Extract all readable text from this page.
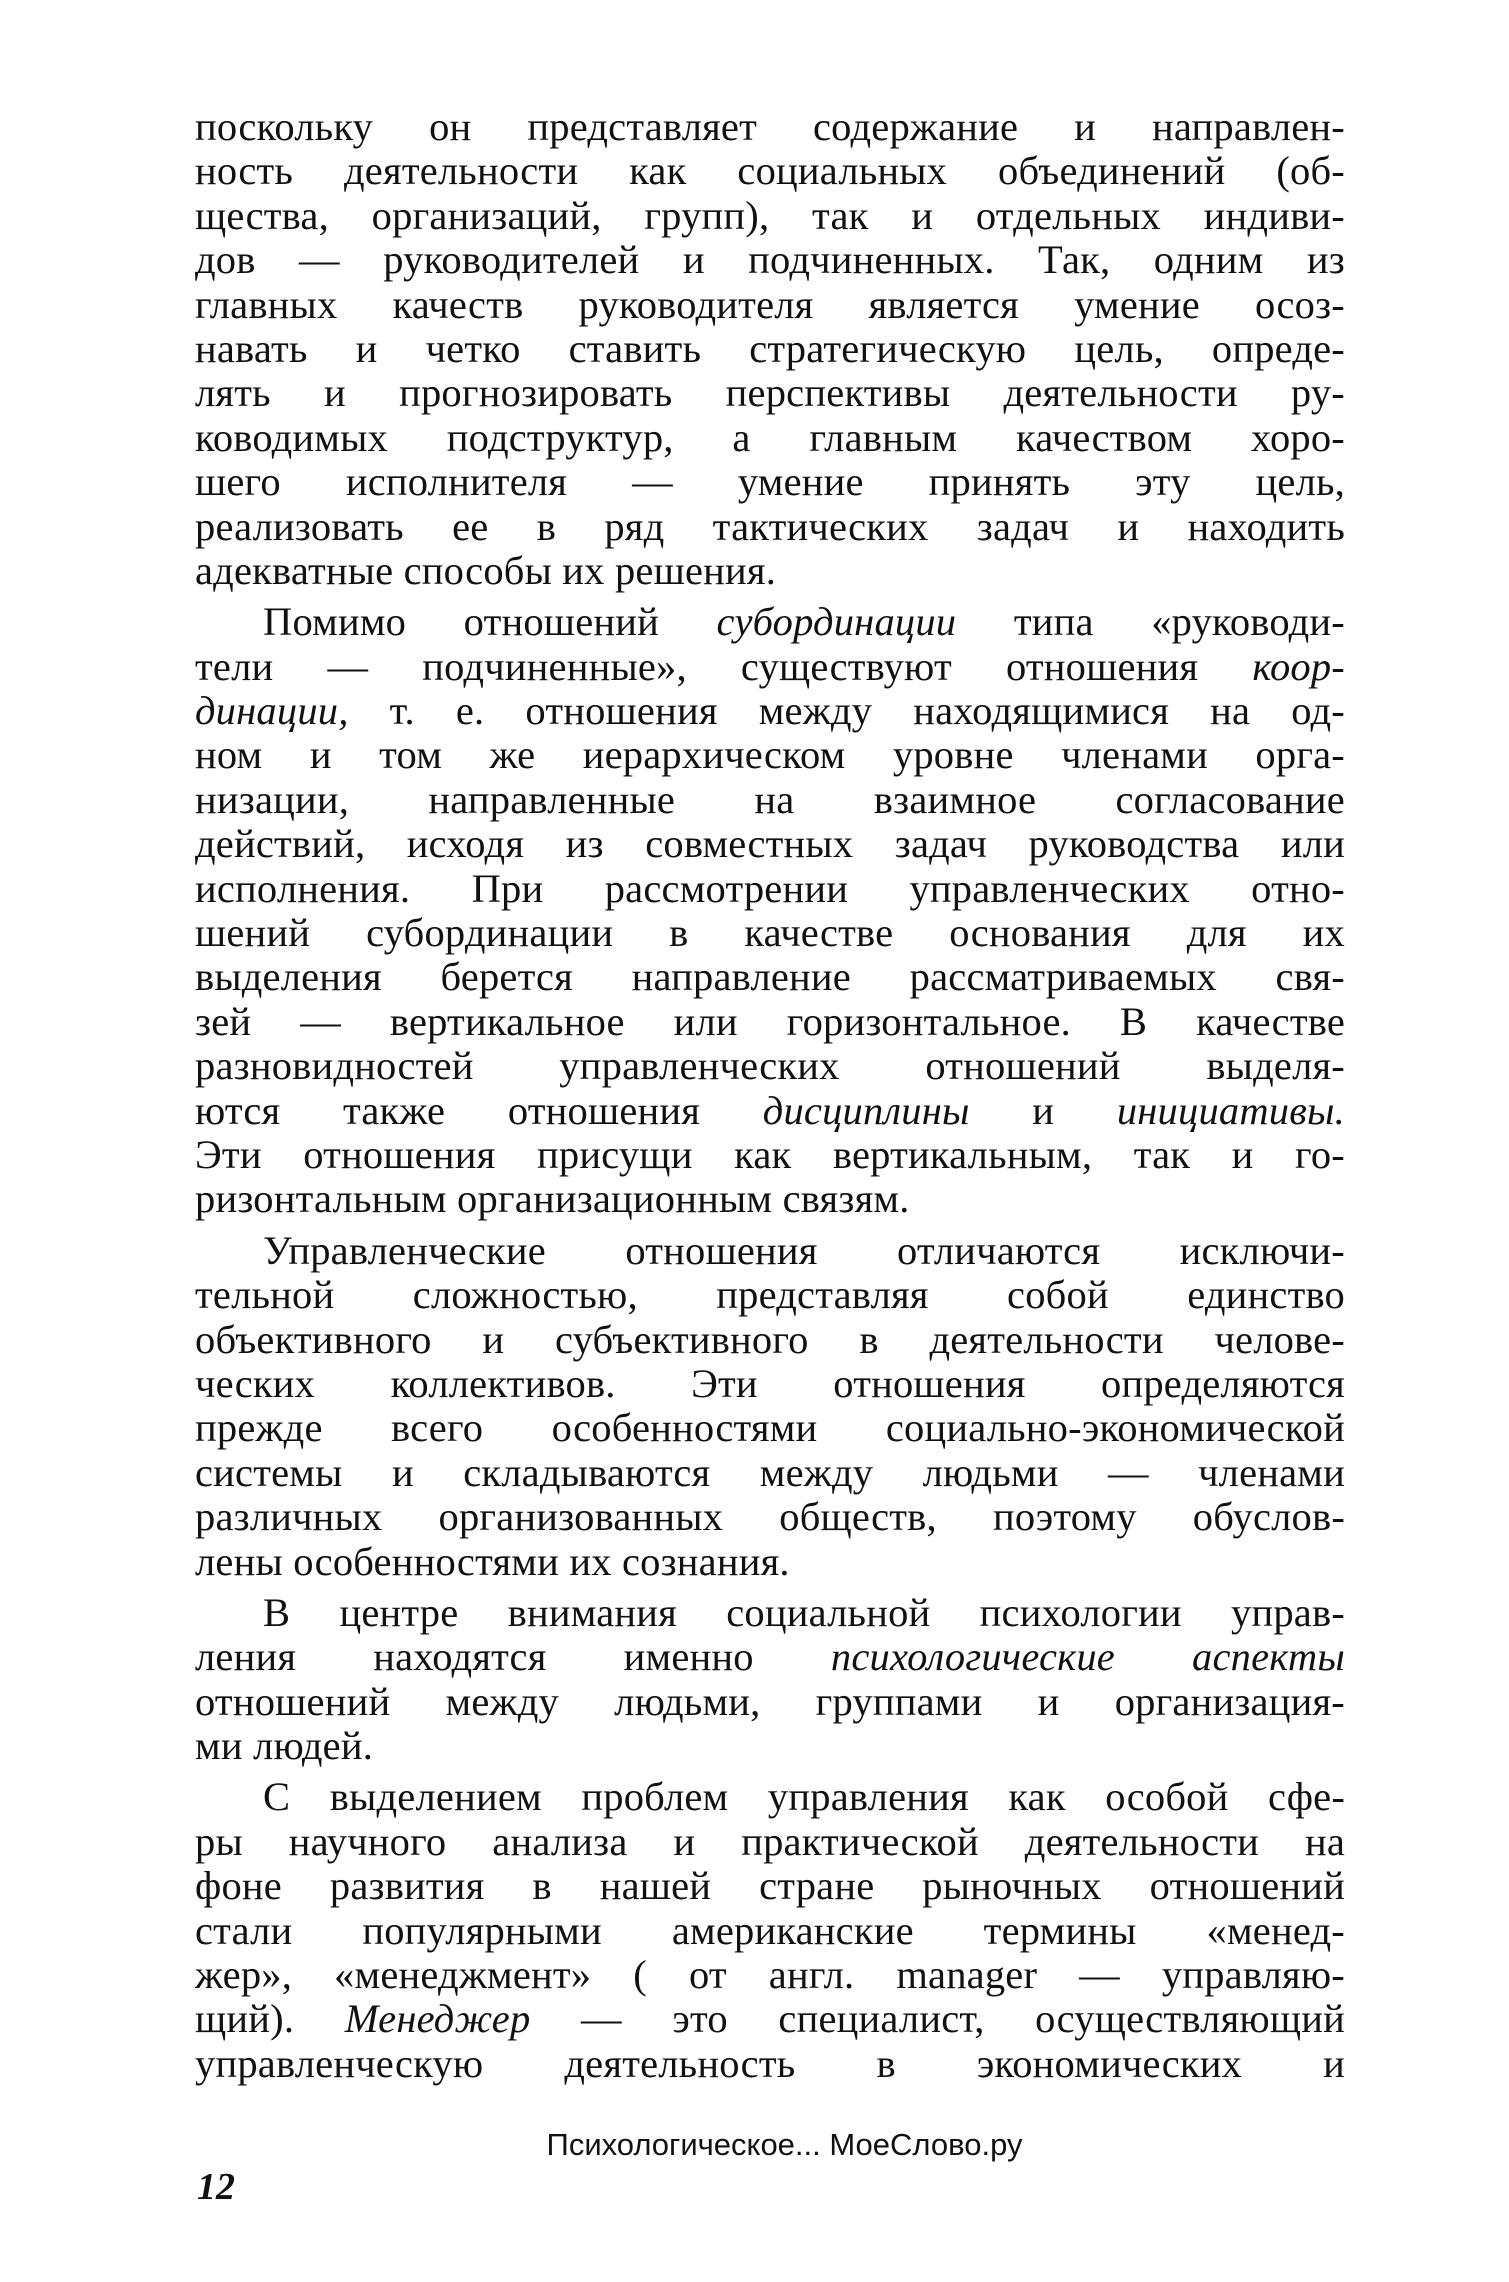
поскольку он представляет содержание и направлен-
ность деятельности как социальных объединений (об-
щества, организаций, групп), так и отдельных индиви-
дов — руководителей и подчиненных. Так, одним из
главных качеств руководителя является умение осоз-
навать и четко ставить стратегическую цель, опреде-
лять и прогнозировать перспективы деятельности ру-
ководимых подструктур, а главным качеством хоро-
шего исполнителя — умение принять эту цель,
реализовать ее в ряд тактических задач и находить
адекватные способы их решения.
Помимо отношений субординации типа «руководи-
тели — подчиненные», существуют отношения коор-
динации, т. е. отношения между находящимися на од-
ном и том же иерархическом уровне членами орга-
низации, направленные на взаимное согласование
действий, исходя из совместных задач руководства или
исполнения. При рассмотрении управленческих отно-
шений субординации в качестве основания для их
выделения берется направление рассматриваемых свя-
зей — вертикальное или горизонтальное. В качестве
разновидностей управленческих отношений выделя-
ются также отношения дисциплины и инициативы.
Эти отношения присущи как вертикальным, так и го-
ризонтальным организационным связям.
Управленческие отношения отличаются исключи-
тельной сложностью, представляя собой единство
объективного и субъективного в деятельности челове-
ческих коллективов. Эти отношения определяются
прежде всего особенностями социально-экономической
системы и складываются между людьми — членами
различных организованных обществ, поэтому обуслов-
лены особенностями их сознания.
В центре внимания социальной психологии управ-
ления находятся именно психологические аспекты
отношений между людьми, группами и организация-
ми людей.
С выделением проблем управления как особой сфе-
ры научного анализа и практической деятельности на
фоне развития в нашей стране рыночных отношений
стали популярными американские термины «менед-
жер», «менеджмент» ( от англ. manager — управляю-
щий). Менеджер — это специалист, осуществляющий
управленческую деятельность в экономических и
Психологическое... МоеСлово.ру
12
